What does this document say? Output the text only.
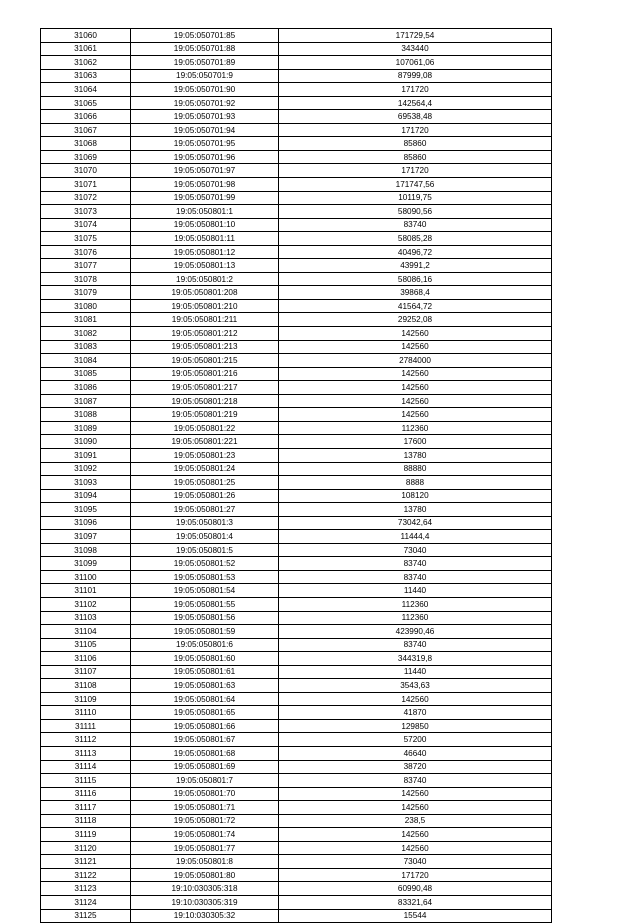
31060	19:05:050701:85	171729,54
31061	19:05:050701:88	343440
31062	19:05:050701:89	107061,06
31063	19:05:050701:9	87999,08
31064	19:05:050701:90	171720
31065	19:05:050701:92	142564,4
31066	19:05:050701:93	69538,48
31067	19:05:050701:94	171720
31068	19:05:050701:95	85860
31069	19:05:050701:96	85860
31070	19:05:050701:97	171720
31071	19:05:050701:98	171747,56
31072	19:05:050701:99	10119,75
31073	19:05:050801:1	58090,56
31074	19:05:050801:10	83740
31075	19:05:050801:11	58085,28
31076	19:05:050801:12	40496,72
31077	19:05:050801:13	43991,2
31078	19:05:050801:2	58086,16
31079	19:05:050801:208	39868,4
31080	19:05:050801:210	41564,72
31081	19:05:050801:211	29252,08
31082	19:05:050801:212	142560
31083	19:05:050801:213	142560
31084	19:05:050801:215	2784000
31085	19:05:050801:216	142560
31086	19:05:050801:217	142560
31087	19:05:050801:218	142560
31088	19:05:050801:219	142560
31089	19:05:050801:22	112360
31090	19:05:050801:221	17600
31091	19:05:050801:23	13780
31092	19:05:050801:24	88880
31093	19:05:050801:25	8888
31094	19:05:050801:26	108120
31095	19:05:050801:27	13780
31096	19:05:050801:3	73042,64
31097	19:05:050801:4	11444,4
31098	19:05:050801:5	73040
31099	19:05:050801:52	83740
31100	19:05:050801:53	83740
31101	19:05:050801:54	11440
31102	19:05:050801:55	112360
31103	19:05:050801:56	112360
31104	19:05:050801:59	423990,46
31105	19:05:050801:6	83740
31106	19:05:050801:60	344319,8
31107	19:05:050801:61	11440
31108	19:05:050801:63	3543,63
31109	19:05:050801:64	142560
31110	19:05:050801:65	41870
31111	19:05:050801:66	129850
31112	19:05:050801:67	57200
31113	19:05:050801:68	46640
31114	19:05:050801:69	38720
31115	19:05:050801:7	83740
31116	19:05:050801:70	142560
31117	19:05:050801:71	142560
31118	19:05:050801:72	238,5
31119	19:05:050801:74	142560
31120	19:05:050801:77	142560
31121	19:05:050801:8	73040
31122	19:05:050801:80	171720
31123	19:10:030305:318	60990,48
31124	19:10:030305:319	83321,64
31125	19:10:030305:32	15544
